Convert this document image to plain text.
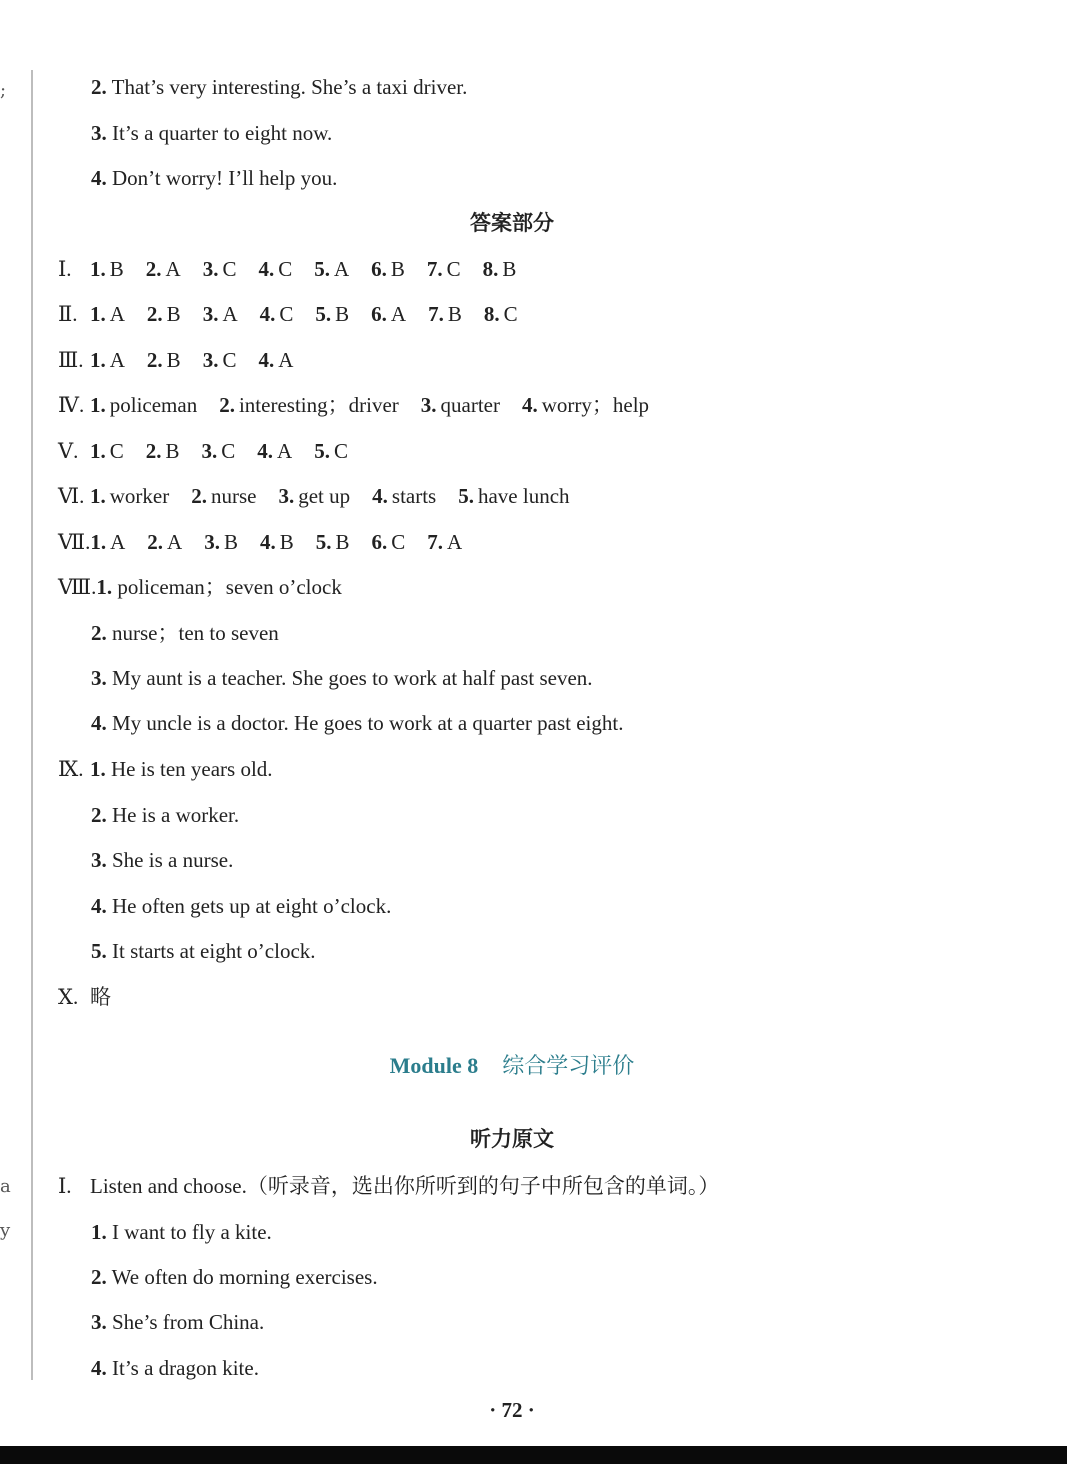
;
a
y
2. That’s very interesting. She’s a taxi driver.
3. It’s a quarter to eight now.
4. Don’t worry! I’ll help you.
答案部分
Ⅰ. 1. B 2. A 3. C 4. C 5. A 6. B 7. C 8. B
Ⅱ. 1. A 2. B 3. A 4. C 5. B 6. A 7. B 8. C
Ⅲ. 1. A 2. B 3. C 4. A
Ⅳ. 1. policeman 2. interesting；driver 3. quarter 4. worry；help
Ⅴ. 1. C 2. B 3. C 4. A 5. C
Ⅵ. 1. worker 2. nurse 3. get up 4. starts 5. have lunch
Ⅶ.1. A 2. A 3. B 4. B 5. B 6. C 7. A
Ⅷ.1. policeman；seven o’clock
2. nurse；ten to seven
3. My aunt is a teacher. She goes to work at half past seven.
4. My uncle is a doctor. He goes to work at a quarter past eight.
Ⅸ. 1. He is ten years old.
2. He is a worker.
3. She is a nurse.
4. He often gets up at eight o’clock.
5. It starts at eight o’clock.
Ⅹ. 略
Module 8 综合学习评价
听力原文
Ⅰ. Listen and choose.（听录音，选出你所听到的句子中所包含的单词。）
1. I want to fly a kite.
2. We often do morning exercises.
3. She’s from China.
4. It’s a dragon kite.
· 72 ·
